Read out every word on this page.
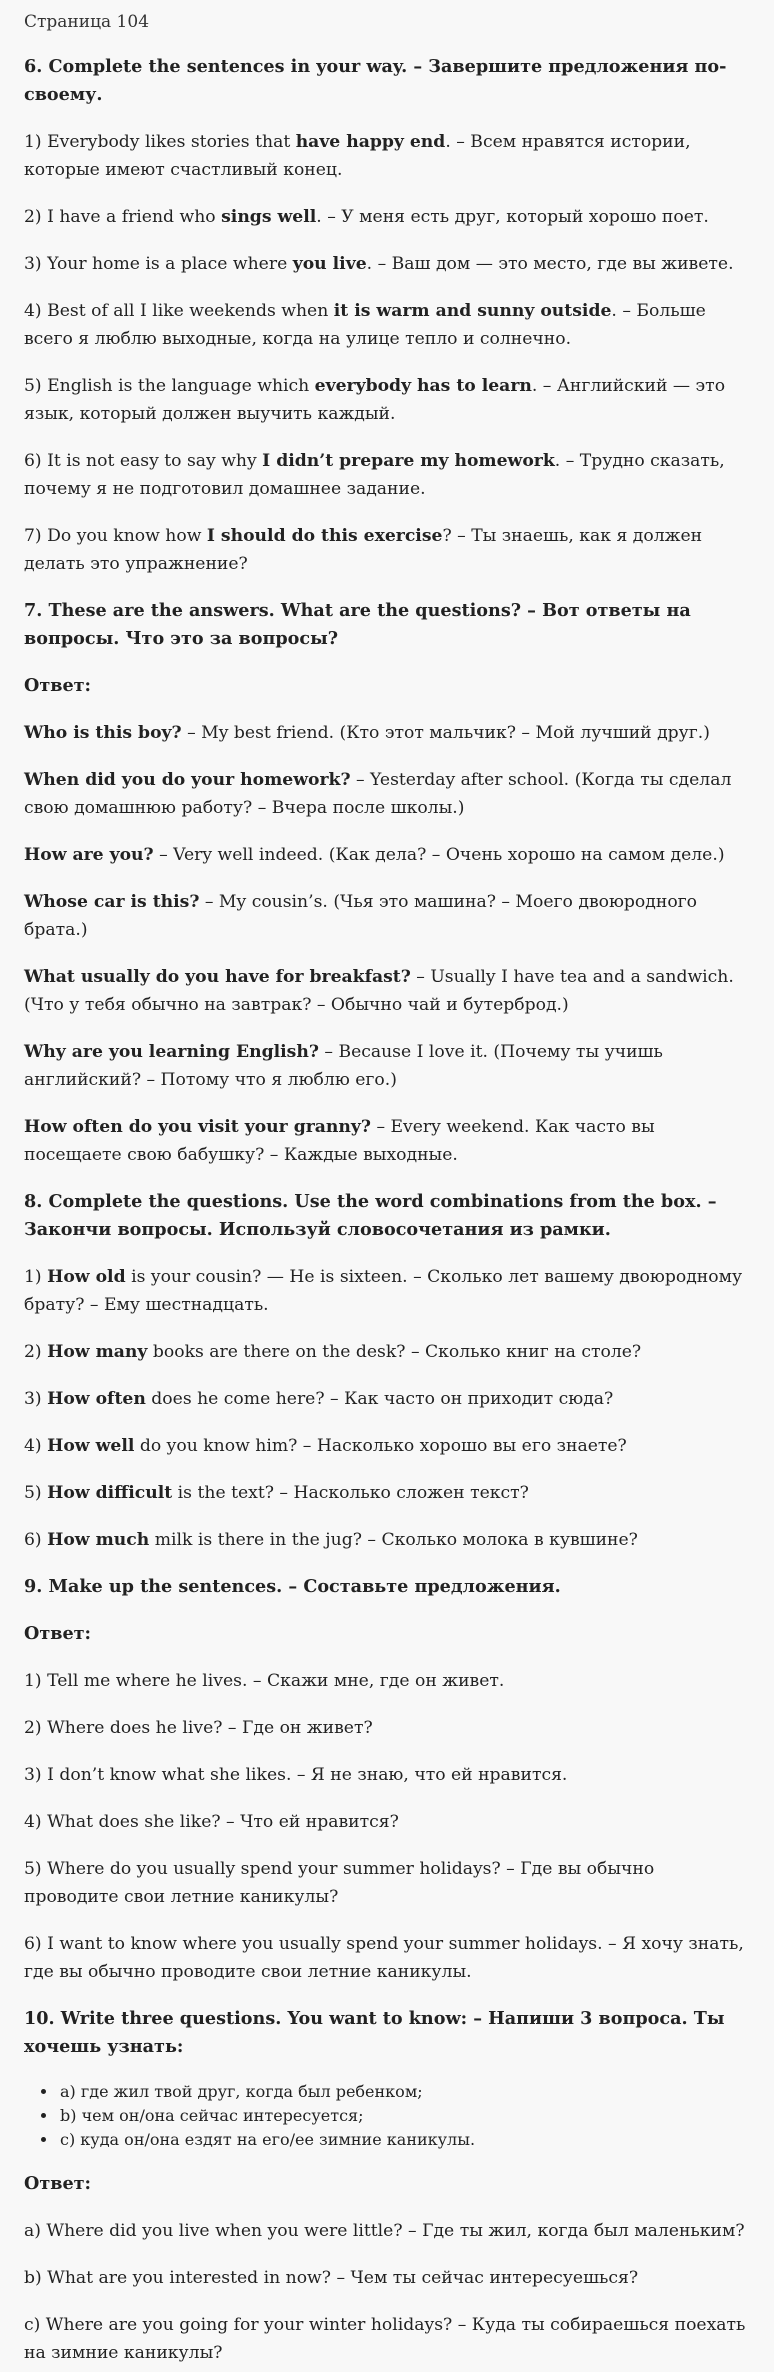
Страница 104

6. Complete the sentences in your way. – Завершите предложения по-своему.

1) Everybody likes stories that have happy end. – Всем нравятся истории, которые имеют счастливый конец.

2) I have a friend who sings well. – У меня есть друг, который хорошо поет.

3) Your home is a place where you live. – Ваш дом — это место, где вы живете.

4) Best of all I like weekends when it is warm and sunny outside. – Больше всего я люблю выходные, когда на улице тепло и солнечно.

5) English is the language which everybody has to learn. – Английский — это язык, который должен выучить каждый.

6) It is not easy to say why I didn’t prepare my homework. – Трудно сказать, почему я не подготовил домашнее задание.

7) Do you know how I should do this exercise? – Ты знаешь, как я должен делать это упражнение?

7. These are the answers. What are the questions? – Вот ответы на вопросы. Что это за вопросы?

Ответ:

Who is this boy? – My best friend. (Кто этот мальчик? – Мой лучший друг.)

When did you do your homework? – Yesterday after school. (Когда ты сделал свою домашнюю работу? – Вчера после школы.)

How are you? – Very well indeed. (Как дела? – Очень хорошо на самом деле.)

Whose car is this? – My cousin’s. (Чья это машина? – Моего двоюродного брата.)

What usually do you have for breakfast? – Usually I have tea and a sandwich. (Что у тебя обычно на завтрак? – Обычно чай и бутерброд.)

Why are you learning English? – Because I love it. (Почему ты учишь английский? – Потому что я люблю его.)

How often do you visit your granny? – Every weekend. Как часто вы посещаете свою бабушку? – Каждые выходные.

8. Complete the questions. Use the word combinations from the box. – Закончи вопросы. Используй словосочетания из рамки.

1) How old is your cousin? — He is sixteen. – Сколько лет вашему двоюродному брату? – Ему шестнадцать.

2) How many books are there on the desk? – Сколько книг на столе?

3) How often does he come here? – Как часто он приходит сюда?

4) How well do you know him? – Насколько хорошо вы его знаете?

5) How difficult is the text? – Насколько сложен текст?

6) How much milk is there in the jug? – Сколько молока в кувшине?

9. Make up the sentences. – Составьте предложения.

Ответ:

1) Tell me where he lives. – Скажи мне, где он живет.

2) Where does he live? – Где он живет?

3) I don’t know what she likes. – Я не знаю, что ей нравится.

4) What does she like? – Что ей нравится?

5) Where do you usually spend your summer holidays? – Где вы обычно проводите свои летние каникулы?

6) I want to know where you usually spend your summer holidays. – Я хочу знать, где вы обычно проводите свои летние каникулы.

10. Write three questions. You want to know: – Напиши 3 вопроса. Ты хочешь узнать:

• a) где жил твой друг, когда был ребенком;
• b) чем он/она сейчас интересуется;
• c) куда он/она ездят на его/ее зимние каникулы.

Ответ:

a) Where did you live when you were little? – Где ты жил, когда был маленьким?

b) What are you interested in now? – Чем ты сейчас интересуешься?

c) Where are you going for your winter holidays? – Куда ты собираешься поехать на зимние каникулы?
